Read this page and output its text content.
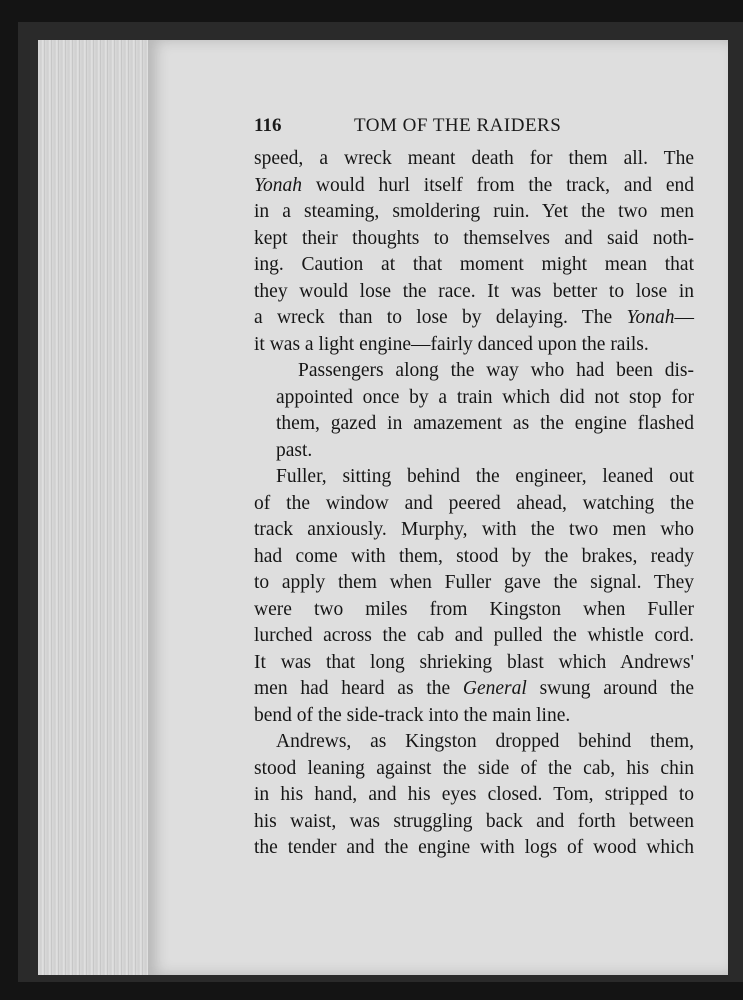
116	TOM OF THE RAIDERS

speed, a wreck meant death for them all. The
Yonah would hurl itself from the track, and end
in a steaming, smoldering ruin. Yet the two men
kept their thoughts to themselves and said noth-
ing. Caution at that moment might mean that
they would lose the race. It was better to lose in
a wreck than to lose by delaying. The Yonah—
it was a light engine—fairly danced upon the rails.

Passengers along the way who had been dis-
appointed once by a train which did not stop for
them, gazed in amazement as the engine flashed
past.

Fuller, sitting behind the engineer, leaned out
of the window and peered ahead, watching the
track anxiously. Murphy, with the two men who
had come with them, stood by the brakes, ready
to apply them when Fuller gave the signal. They
were two miles from Kingston when Fuller
lurched across the cab and pulled the whistle cord.
It was that long shrieking blast which Andrews'
men had heard as the General swung around the
bend of the side-track into the main line.

Andrews, as Kingston dropped behind them,
stood leaning against the side of the cab, his chin
in his hand, and his eyes closed. Tom, stripped to
his waist, was struggling back and forth between
the tender and the engine with logs of wood which
